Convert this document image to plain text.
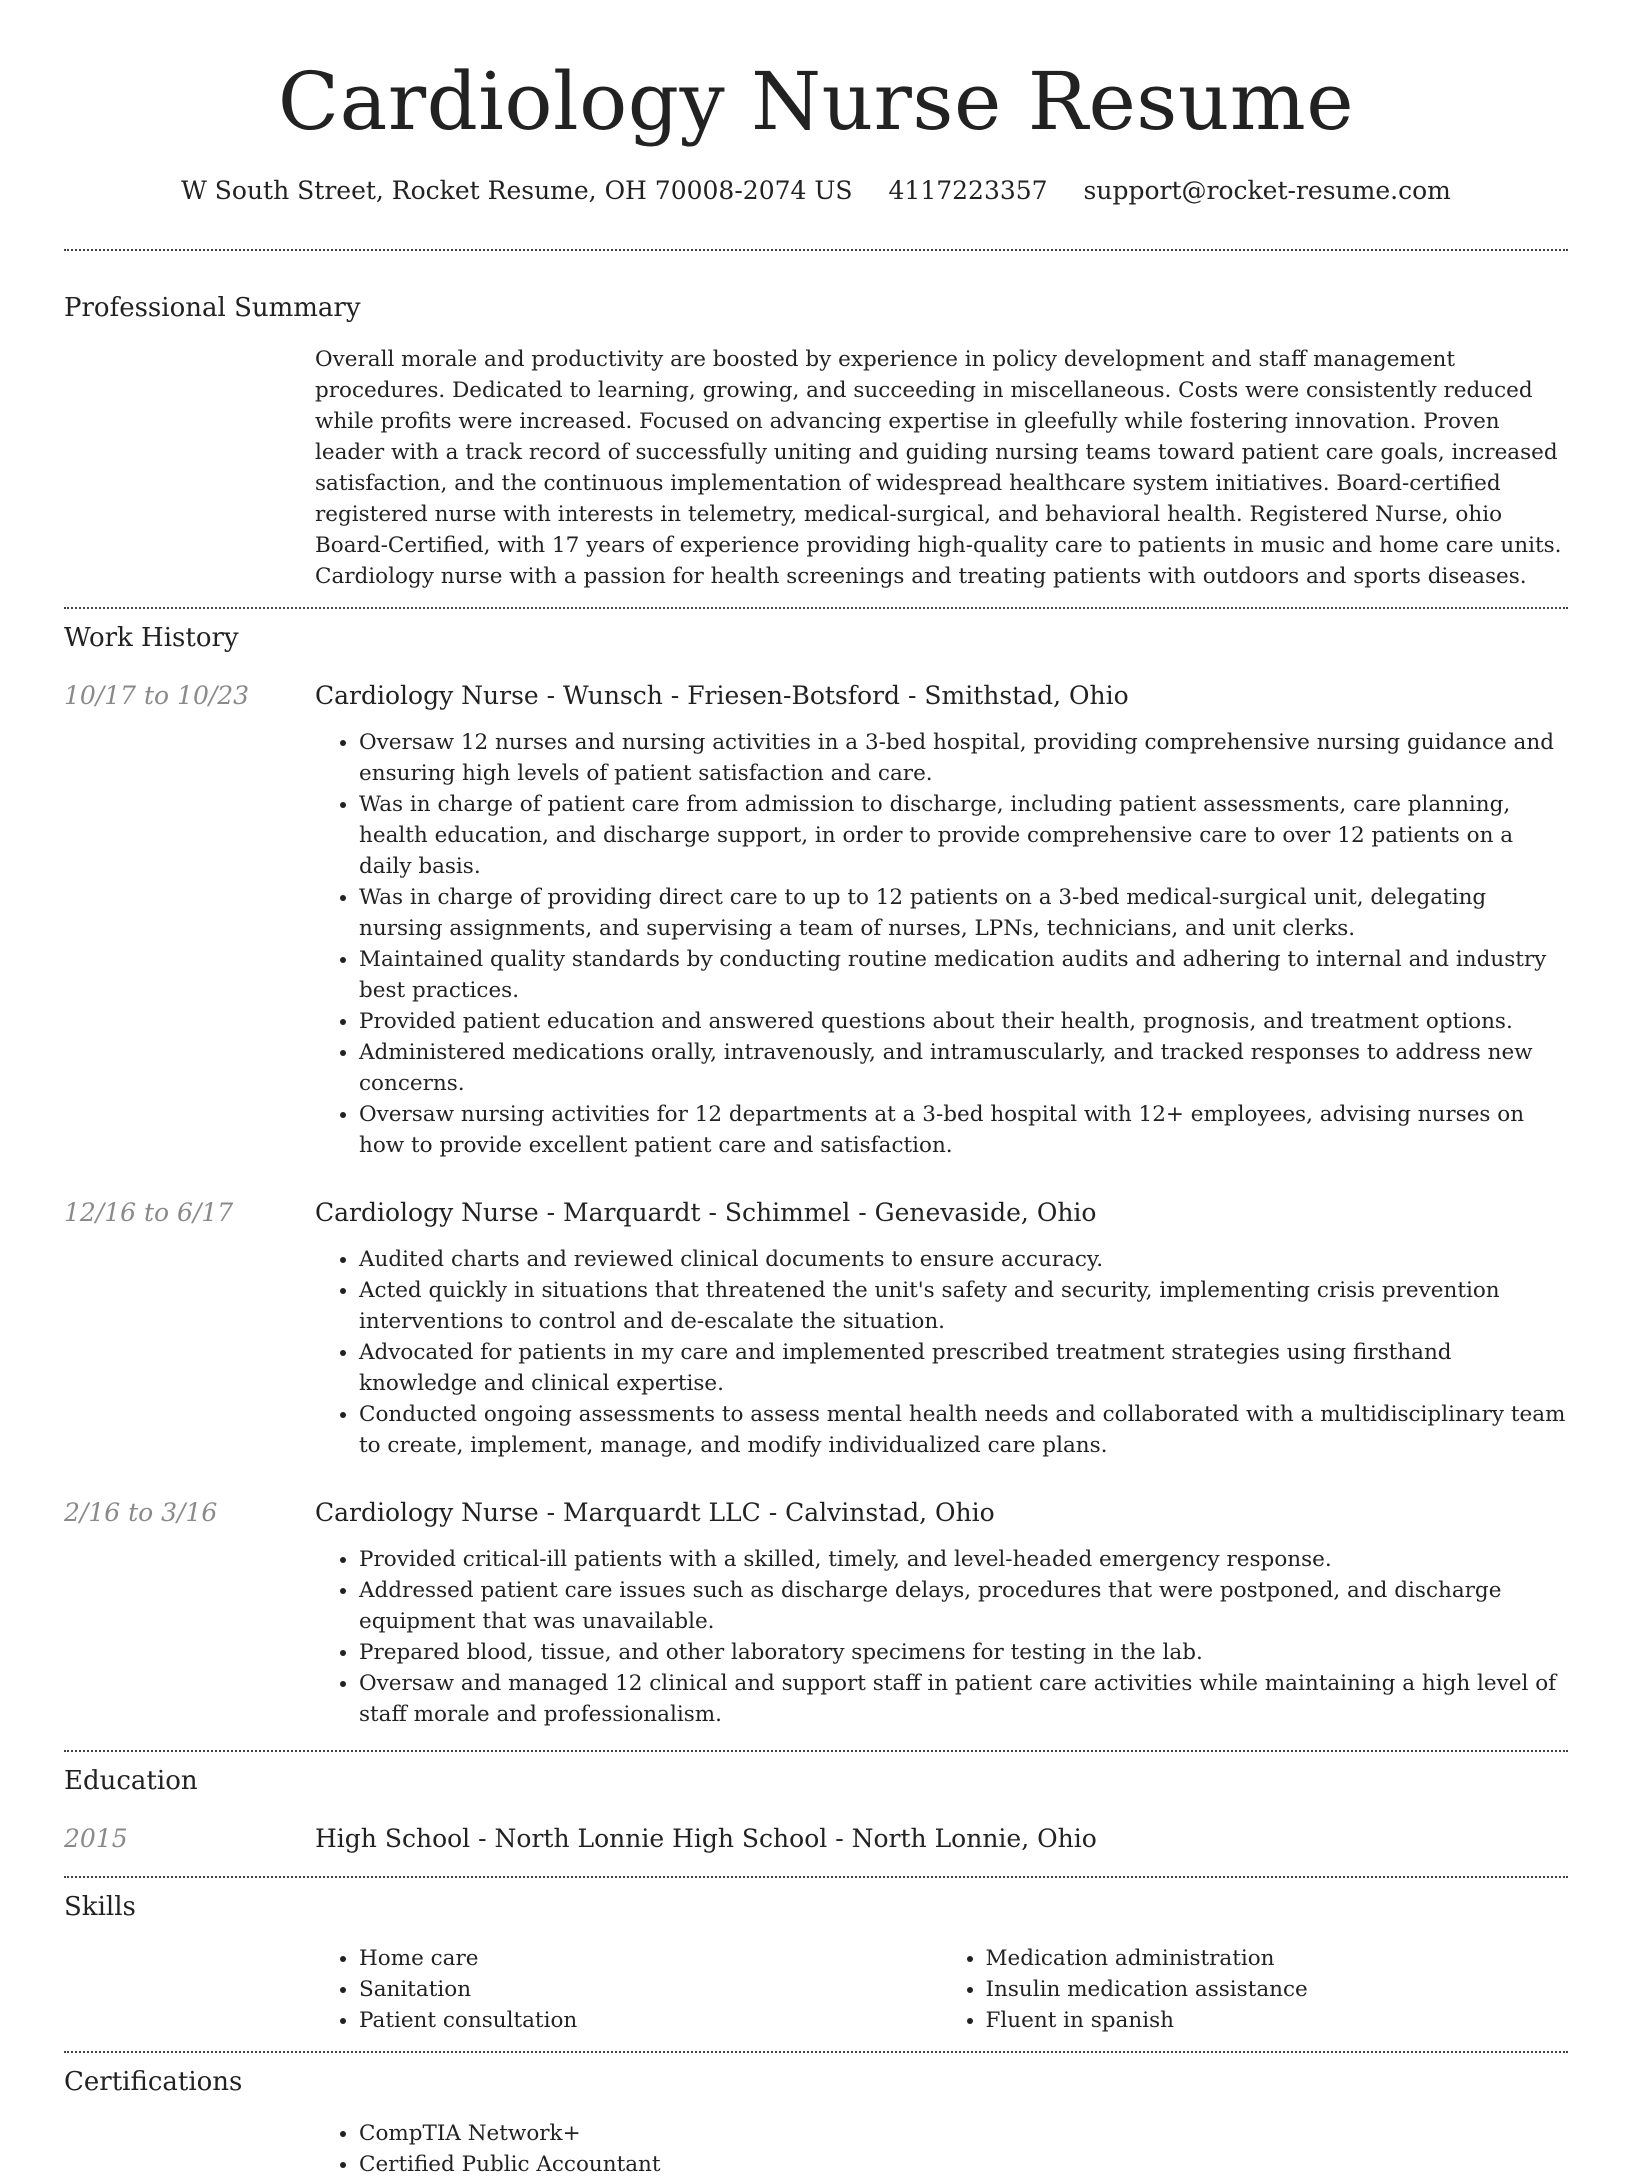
Cardiology Nurse Resume
W South Street, Rocket Resume, OH 70008-2074 US 4117223357 support@rocket-resume.com
Professional Summary

Overall morale and productivity are boosted by experience in policy development and staff management procedures. Dedicated to learning, growing, and succeeding in miscellaneous. Costs were consistently reduced while profits were increased. Focused on advancing expertise in gleefully while fostering innovation. Proven leader with a track record of successfully uniting and guiding nursing teams toward patient care goals, increased satisfaction, and the continuous implementation of widespread healthcare system initiatives. Board-certified registered nurse with interests in telemetry, medical-surgical, and behavioral health. Registered Nurse, ohio Board-Certified, with 17 years of experience providing high-quality care to patients in music and home care units. Cardiology nurse with a passion for health screenings and treating patients with outdoors and sports diseases.

Work History
10/17 to 10/23	Cardiology Nurse - Wunsch - Friesen-Botsford - Smithstad, Ohio
• Oversaw 12 nurses and nursing activities in a 3-bed hospital, providing comprehensive nursing guidance and ensuring high levels of patient satisfaction and care.
• Was in charge of patient care from admission to discharge, including patient assessments, care planning, health education, and discharge support, in order to provide comprehensive care to over 12 patients on a daily basis.
• Was in charge of providing direct care to up to 12 patients on a 3-bed medical-surgical unit, delegating nursing assignments, and supervising a team of nurses, LPNs, technicians, and unit clerks.
• Maintained quality standards by conducting routine medication audits and adhering to internal and industry best practices.
• Provided patient education and answered questions about their health, prognosis, and treatment options.
• Administered medications orally, intravenously, and intramuscularly, and tracked responses to address new concerns.
• Oversaw nursing activities for 12 departments at a 3-bed hospital with 12+ employees, advising nurses on how to provide excellent patient care and satisfaction.
12/16 to 6/17	Cardiology Nurse - Marquardt - Schimmel - Genevaside, Ohio
• Audited charts and reviewed clinical documents to ensure accuracy.
• Acted quickly in situations that threatened the unit's safety and security, implementing crisis prevention interventions to control and de-escalate the situation.
• Advocated for patients in my care and implemented prescribed treatment strategies using firsthand knowledge and clinical expertise.
• Conducted ongoing assessments to assess mental health needs and collaborated with a multidisciplinary team to create, implement, manage, and modify individualized care plans.
2/16 to 3/16	Cardiology Nurse - Marquardt LLC - Calvinstad, Ohio
• Provided critical-ill patients with a skilled, timely, and level-headed emergency response.
• Addressed patient care issues such as discharge delays, procedures that were postponed, and discharge equipment that was unavailable.
• Prepared blood, tissue, and other laboratory specimens for testing in the lab.
• Oversaw and managed 12 clinical and support staff in patient care activities while maintaining a high level of staff morale and professionalism.
Education
2015	High School - North Lonnie High School - North Lonnie, Ohio
Skills
• Home care
• Sanitation
• Patient consultation
• Medication administration
• Insulin medication assistance
• Fluent in spanish
Certifications
• CompTIA Network+
• Certified Public Accountant
